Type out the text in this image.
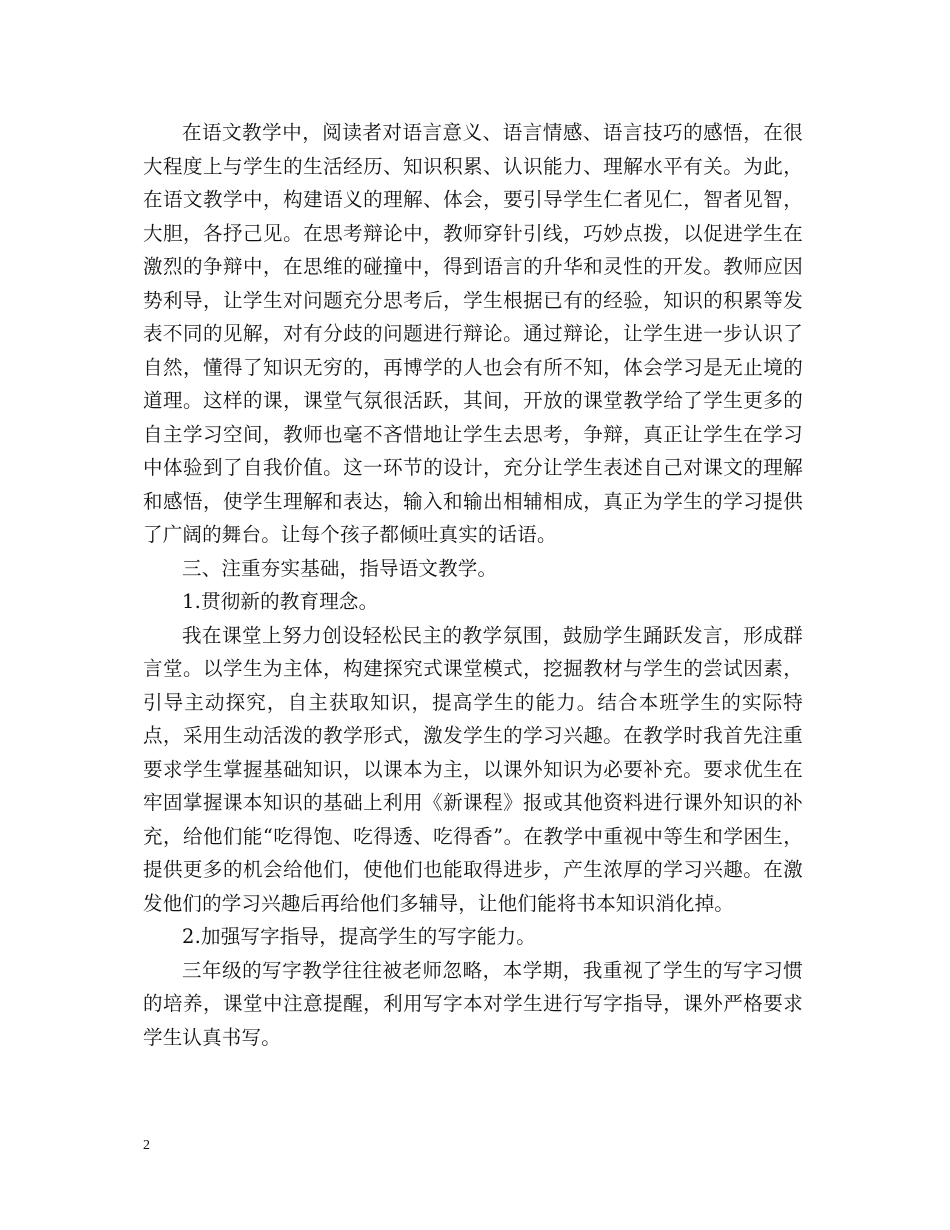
在语文教学中，阅读者对语言意义、语言情感、语言技巧的感悟，在很大程度上与学生的生活经历、知识积累、认识能力、理解水平有关。为此，在语文教学中，构建语义的理解、体会，要引导学生仁者见仁，智者见智，大胆，各抒己见。在思考辩论中，教师穿针引线，巧妙点拨，以促进学生在激烈的争辩中，在思维的碰撞中，得到语言的升华和灵性的开发。教师应因势利导，让学生对问题充分思考后，学生根据已有的经验，知识的积累等发表不同的见解，对有分歧的问题进行辩论。通过辩论，让学生进一步认识了自然，懂得了知识无穷的，再博学的人也会有所不知，体会学习是无止境的道理。这样的课，课堂气氛很活跃，其间，开放的课堂教学给了学生更多的自主学习空间，教师也毫不吝惜地让学生去思考，争辩，真正让学生在学习中体验到了自我价值。这一环节的设计，充分让学生表述自己对课文的理解和感悟，使学生理解和表达，输入和输出相辅相成，真正为学生的学习提供了广阔的舞台。让每个孩子都倾吐真实的话语。

三、注重夯实基础，指导语文教学。

1.贯彻新的教育理念。

我在课堂上努力创设轻松民主的教学氛围，鼓励学生踊跃发言，形成群言堂。以学生为主体，构建探究式课堂模式，挖掘教材与学生的尝试因素，引导主动探究，自主获取知识，提高学生的能力。结合本班学生的实际特点，采用生动活泼的教学形式，激发学生的学习兴趣。在教学时我首先注重要求学生掌握基础知识，以课本为主，以课外知识为必要补充。要求优生在牢固掌握课本知识的基础上利用《新课程》报或其他资料进行课外知识的补充，给他们能“吃得饱、吃得透、吃得香”。在教学中重视中等生和学困生，提供更多的机会给他们，使他们也能取得进步，产生浓厚的学习兴趣。在激发他们的学习兴趣后再给他们多辅导，让他们能将书本知识消化掉。

2.加强写字指导，提高学生的写字能力。

三年级的写字教学往往被老师忽略，本学期，我重视了学生的写字习惯的培养，课堂中注意提醒，利用写字本对学生进行写字指导，课外严格要求学生认真书写。

2
